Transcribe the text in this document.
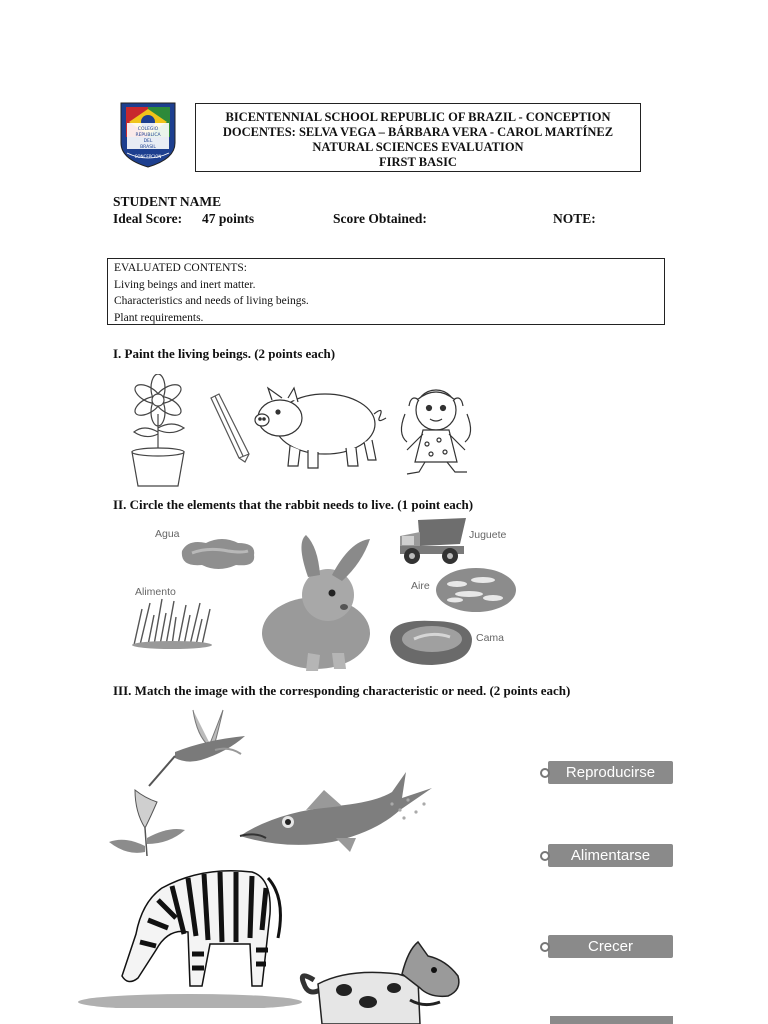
COLEGIO
REPUBLICA
DEL
BRASIL
CONCEPCION
BICENTENNIAL SCHOOL REPUBLIC OF BRAZIL - CONCEPTION
DOCENTES: SELVA VEGA – BÁRBARA VERA - CAROL MARTÍNEZ
NATURAL SCIENCES EVALUATION
FIRST BASIC
STUDENT NAME
Ideal Score: 47 points	Score Obtained:	NOTE:
EVALUATED CONTENTS:
Living beings and inert matter.
Characteristics and needs of living beings.
Plant requirements.
I. Paint the living beings. (2 points each)
II. Circle the elements that the rabbit needs to live. (1 point each)
Agua
Alimento
Juguete
Aire
Cama
III. Match the image with the corresponding characteristic or need. (2 points each)
Reproducirse
Alimentarse
Crecer
